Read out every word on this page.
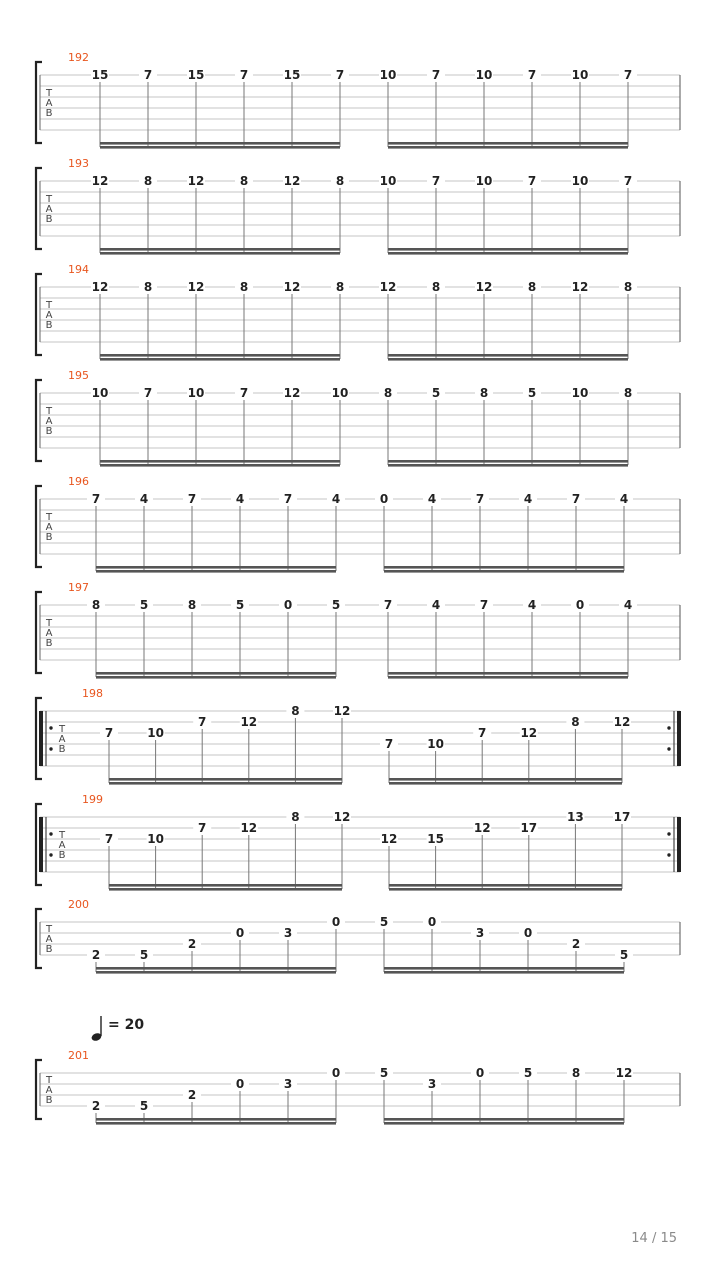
T
A
B
192
15	7	15	7	15	7	10	7	10	7	10	7
T
A
B
193
12	8	12	8	12	8	10	7	10	7	10	7
T
A
B
194
12	8	12	8	12	8	12	8	12	8	12	8
T
A
B
195
10	7	10	7	12	10	8	5	8	5	10	8
T
A
B
196
7	4	7	4	7	4	0	4	7	4	7	4
T
A
B
197
8	5	8	5	0	5	7	4	7	4	0	4
T
A
B
198
7	10
7	12
8	12
7	10
7	12
8	12
T
A
B
199
7	10
7	12
8	12
12 15
12 17
13 17
T
A
B
200
2	5
2
0	3
0	5	0
3	0
2
5
T
A
B
201
2	5
2
0	3
0	5
3
0	5	8	12
= 20
14 / 15
